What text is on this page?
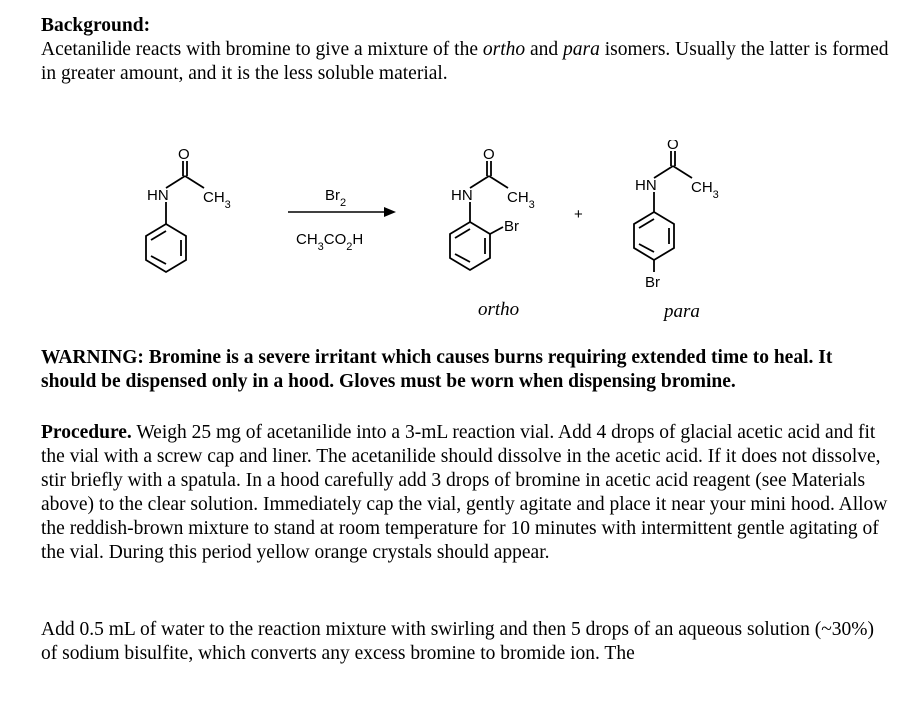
Background:
Acetanilide reacts with bromine to give a mixture of the ortho and para isomers. Usually the latter is formed in greater amount, and it is the less soluble material.
O
HN $CH_3$
$Br_2$
$CH_3CO_2H$
O
HN $CH_3$
Br
ortho
+
O
HN $CH_3$
Br
para
WARNING: Bromine is a severe irritant which causes burns requiring extended time to heal. It should be dispensed only in a hood. Gloves must be worn when dispensing bromine.
Procedure. Weigh 25 mg of acetanilide into a 3-mL reaction vial. Add 4 drops of glacial acetic acid and fit the vial with a screw cap and liner. The acetanilide should dissolve in the acetic acid. If it does not dissolve, stir briefly with a spatula. In a hood carefully add 3 drops of bromine in acetic acid reagent (see Materials above) to the clear solution. Immediately cap the vial, gently agitate and place it near your mini hood. Allow the reddish-brown mixture to stand at room temperature for 10 minutes with intermittent gentle agitating of the vial. During this period yellow orange crystals should appear.
Add 0.5 mL of water to the reaction mixture with swirling and then 5 drops of an aqueous solution (~30%) of sodium bisulfite, which converts any excess bromine to bromide ion. The
